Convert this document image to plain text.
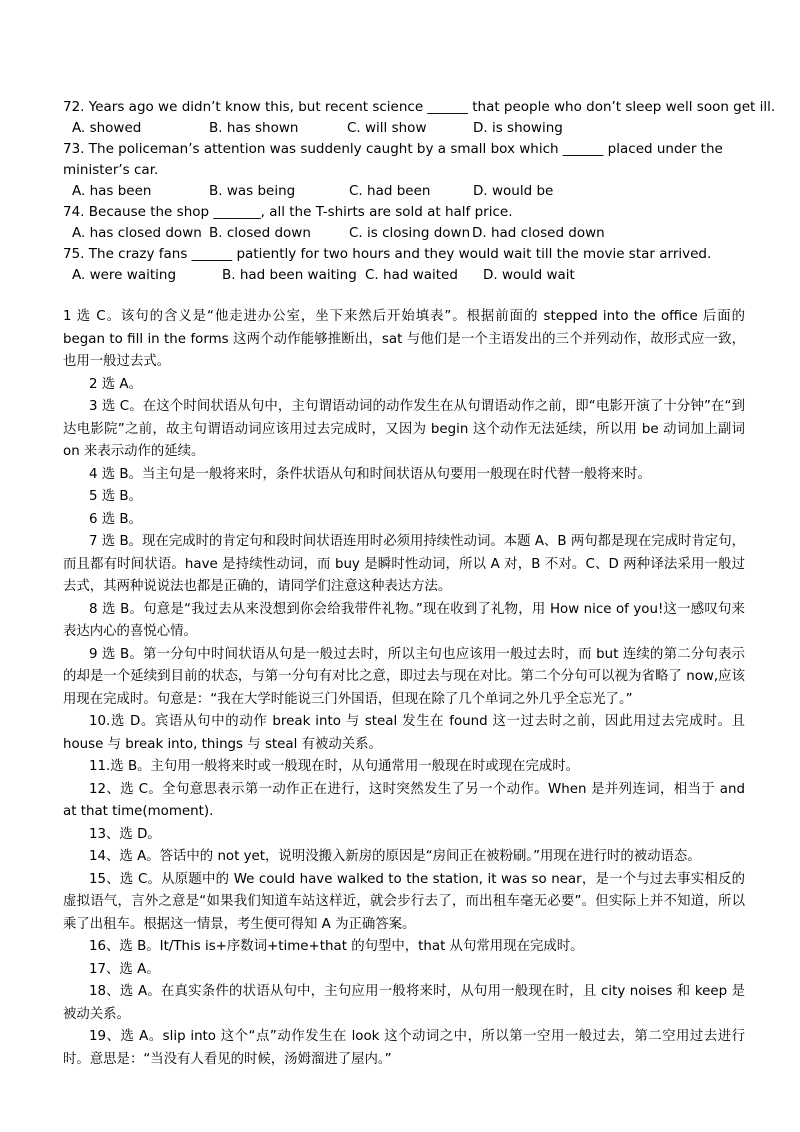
72. Years ago we didn’t know this, but recent science ______ that people who don’t sleep well soon get ill.
A. showed	B. has shown	C. will show	D. is showing
73. The policeman’s attention was suddenly caught by a small box which ______ placed under the
minister’s car.
A. has been	B. was being	C. had been	D. would be
74. Because the shop _______, all the T-shirts are sold at half price.
A. has closed down B. closed down	C. is closing down D. had closed down
75. The crazy fans ______ patiently for two hours and they would wait till the movie star arrived.
A. were waiting	B. had been waiting C. had waited D. would wait

1 选 C。该句的含义是“他走进办公室，坐下来然后开始填表”。根据前面的 stepped into the office 后面的 began to fill in the forms 这两个动作能够推断出，sat 与他们是一个主语发出的三个并列动作，故形式应一致，也用一般过去式。

2 选 A。

3 选 C。在这个时间状语从句中，主句谓语动词的动作发生在从句谓语动作之前，即“电影开演了十分钟”在“到达电影院”之前，故主句谓语动词应该用过去完成时，又因为 begin 这个动作无法延续，所以用 be 动词加上副词 on 来表示动作的延续。

4 选 B。当主句是一般将来时，条件状语从句和时间状语从句要用一般现在时代替一般将来时。

5 选 B。

6 选 B。

7 选 B。现在完成时的肯定句和段时间状语连用时必须用持续性动词。本题 A、B 两句都是现在完成时肯定句，而且都有时间状语。have 是持续性动词，而 buy 是瞬时性动词，所以 A 对，B 不对。C、D 两种译法采用一般过去式，其两种说说法也都是正确的，请同学们注意这种表达方法。

8 选 B。句意是“我过去从来没想到你会给我带件礼物。”现在收到了礼物，用 How nice of you!这一感叹句来表达内心的喜悦心情。

9 选 B。第一分句中时间状语从句是一般过去时，所以主句也应该用一般过去时，而 but 连续的第二分句表示的却是一个延续到目前的状态，与第一分句有对比之意，即过去与现在对比。第二个分句可以视为省略了 now,应该用现在完成时。句意是：“我在大学时能说三门外国语，但现在除了几个单词之外几乎全忘光了。”

10.选 D。宾语从句中的动作 break into 与 steal 发生在 found 这一过去时之前，因此用过去完成时。且 house 与 break into, things 与 steal 有被动关系。

11.选 B。主句用一般将来时或一般现在时，从句通常用一般现在时或现在完成时。

12、选 C。全句意思表示第一动作正在进行，这时突然发生了另一个动作。When 是并列连词，相当于 and at that time(moment).

13、选 D。

14、选 A。答话中的 not yet，说明没搬入新房的原因是“房间正在被粉刷。”用现在进行时的被动语态。

15、选 C。从原题中的 We could have walked to the station, it was so near，是一个与过去事实相反的虚拟语气，言外之意是“如果我们知道车站这样近，就会步行去了，而出租车毫无必要”。但实际上并不知道，所以乘了出租车。根据这一情景，考生便可得知 A 为正确答案。

16、选 B。It/This is+序数词+time+that 的句型中，that 从句常用现在完成时。

17、选 A。

18、选 A。在真实条件的状语从句中，主句应用一般将来时，从句用一般现在时，且 city noises 和 keep 是被动关系。

19、选 A。slip into 这个“点”动作发生在 look 这个动词之中，所以第一空用一般过去，第二空用过去进行时。意思是：“当没有人看见的时候，汤姆溜进了屋内。”
